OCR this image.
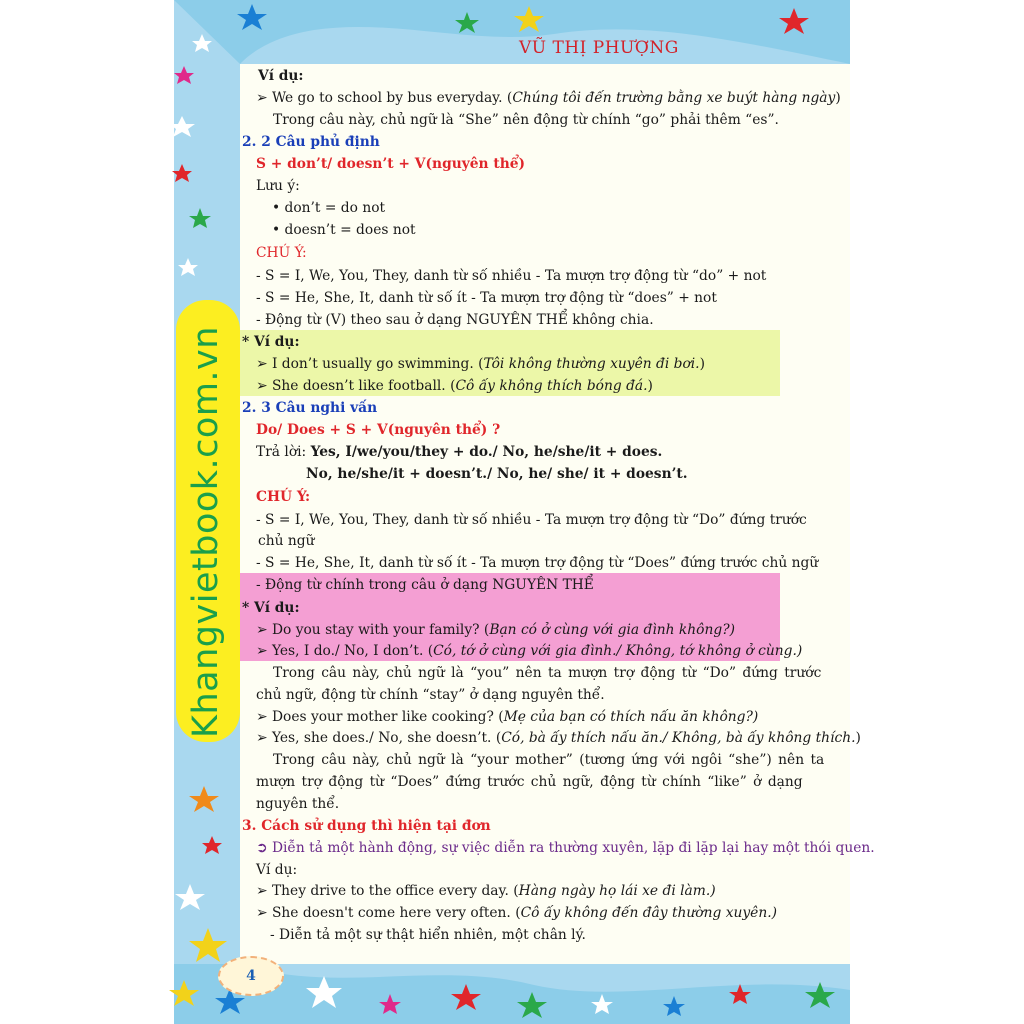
VŨ THỊ PHƯỢNG
Khangvietbook.com.vn
Ví dụ:
➢ We go to school by bus everyday. (Chúng tôi đến trường bằng xe buýt hàng ngày)
Trong câu này, chủ ngữ là “She” nên động từ chính “go” phải thêm “es”.
2. 2 Câu phủ định
S + don’t/ doesn’t + V(nguyên thể)
Lưu ý:
• don’t = do not
• doesn’t = does not
CHÚ Ý:
- S = I, We, You, They, danh từ số nhiều - Ta mượn trợ động từ “do” + not
- S = He, She, It, danh từ số ít - Ta mượn trợ động từ “does” + not
- Động từ (V) theo sau ở dạng NGUYÊN THỂ không chia.
* Ví dụ:
➢ I don’t usually go swimming. (Tôi không thường xuyên đi bơi.)
➢ She doesn’t like football. (Cô ấy không thích bóng đá.)
2. 3 Câu nghi vấn
Do/ Does + S + V(nguyên thể) ?
Trả lời: Yes, I/we/you/they + do./ No, he/she/it + does.
No, he/she/it + doesn’t./ No, he/ she/ it + doesn’t.
CHÚ Ý:
- S = I, We, You, They, danh từ số nhiều - Ta mượn trợ động từ “Do” đứng trước
chủ ngữ
- S = He, She, It, danh từ số ít - Ta mượn trợ động từ “Does” đứng trước chủ ngữ
- Động từ chính trong câu ở dạng NGUYÊN THỂ
* Ví dụ:
➢ Do you stay with your family? (Bạn có ở cùng với gia đình không?)
➢ Yes, I do./ No, I don’t. (Có, tớ ở cùng với gia đình./ Không, tớ không ở cùng.)
Trong câu này, chủ ngữ là “you” nên ta mượn trợ động từ “Do” đứng trước
chủ ngữ, động từ chính “stay” ở dạng nguyên thể.
➢ Does your mother like cooking? (Mẹ của bạn có thích nấu ăn không?)
➢ Yes, she does./ No, she doesn’t. (Có, bà ấy thích nấu ăn./ Không, bà ấy không thích.)
Trong câu này, chủ ngữ là “your mother” (tương ứng với ngôi “she”) nên ta
mượn trợ động từ “Does” đứng trước chủ ngữ, động từ chính “like” ở dạng
nguyên thể.
3. Cách sử dụng thì hiện tại đơn
➲ Diễn tả một hành động, sự việc diễn ra thường xuyên, lặp đi lặp lại hay một thói quen.
Ví dụ:
➢ They drive to the office every day. (Hàng ngày họ lái xe đi làm.)
➢ She doesn't come here very often. (Cô ấy không đến đây thường xuyên.)
- Diễn tả một sự thật hiển nhiên, một chân lý.
4
